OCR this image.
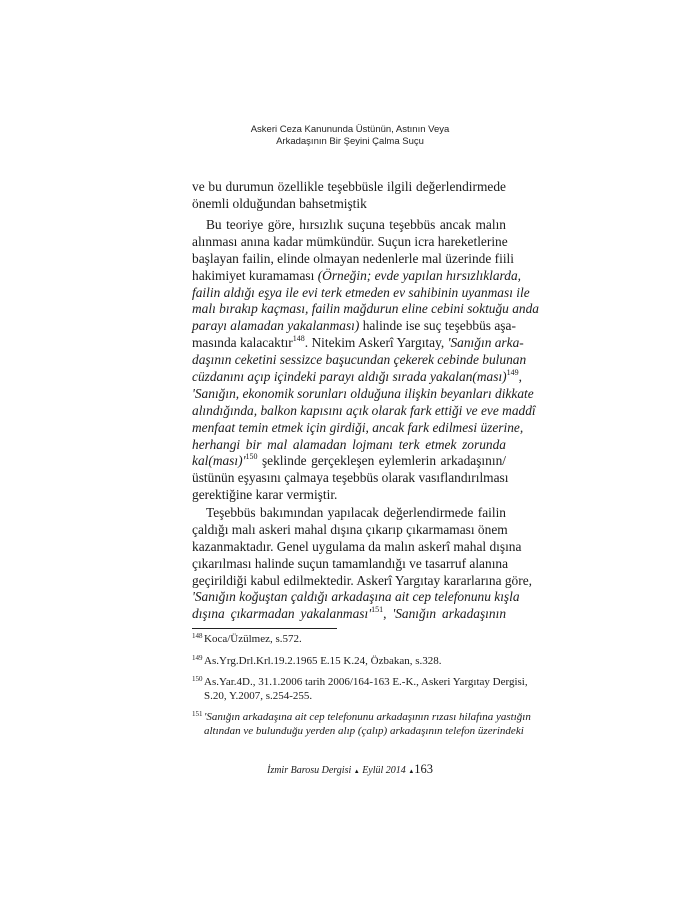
Askeri Ceza Kanununda Üstünün, Astının Veya
Arkadaşının Bir Şeyini Çalma Suçu
ve bu durumun özellikle teşebbüsle ilgili değerlendirmede
önemli olduğundan bahsetmiştik
Bu teoriye göre, hırsızlık suçuna teşebbüs ancak malın
alınması anına kadar mümkündür. Suçun icra hareketlerine
başlayan failin, elinde olmayan nedenlerle mal üzerinde fiili
hakimiyet kuramaması (Örneğin; evde yapılan hırsızlıklarda,
failin aldığı eşya ile evi terk etmeden ev sahibinin uyanması ile
malı bırakıp kaçması, failin mağdurun eline cebini soktuğu anda
parayı alamadan yakalanması) halinde ise suç teşebbüs aşa-
masında kalacaktır$^{148}$. Nitekim Askerî Yargıtay, 'Sanığın arka-
daşının ceketini sessizce başucundan çekerek cebinde bulunan
cüzdanını açıp içindeki parayı aldığı sırada yakalan(ması)$^{149}$,
'Sanığın, ekonomik sorunları olduğuna ilişkin beyanları dikkate
alındığında, balkon kapısını açık olarak fark ettiği ve eve maddî
menfaat temin etmek için girdiği, ancak fark edilmesi üzerine,
herhangi bir mal alamadan lojmanı terk etmek zorunda
$kal(ması)'^{150}$ şeklinde gerçekleşen eylemlerin arkadaşının/
üstünün eşyasını çalmaya teşebbüs olarak vasıflandırılması
gerektiğine karar vermiştir.
Teşebbüs bakımından yapılacak değerlendirmede failin
çaldığı malı askeri mahal dışına çıkarıp çıkarmaması önem
kazanmaktadır. Genel uygulama da malın askerî mahal dışına
çıkarılması halinde suçun tamamlandığı ve tasarruf alanına
geçirildiği kabul edilmektedir. Askerî Yargıtay kararlarına göre,
'Sanığın koğuştan çaldığı arkadaşına ait cep telefonunu kışla
dışına çıkarmadan $yakalanması'^{151}$, 'Sanığın arkadaşının
148 Koca/Üzülmez, s.572.
149 As.Yrg.Drl.Krl.19.2.1965 E.15 K.24, Özbakan, s.328.
150 As.Yar.4D., 31.1.2006 tarih 2006/164-163 E.-K., Askeri Yargıtay Dergisi,
S.20, Y.2007, s.254-255.
151 'Sanığın arkadaşına ait cep telefonunu arkadaşının rızası hilafına yastığın
altından ve bulunduğu yerden alıp (çalıp) arkadaşının telefon üzerindeki
İzmir Barosu Dergisi ▲ Eylül 2014 ▲163
